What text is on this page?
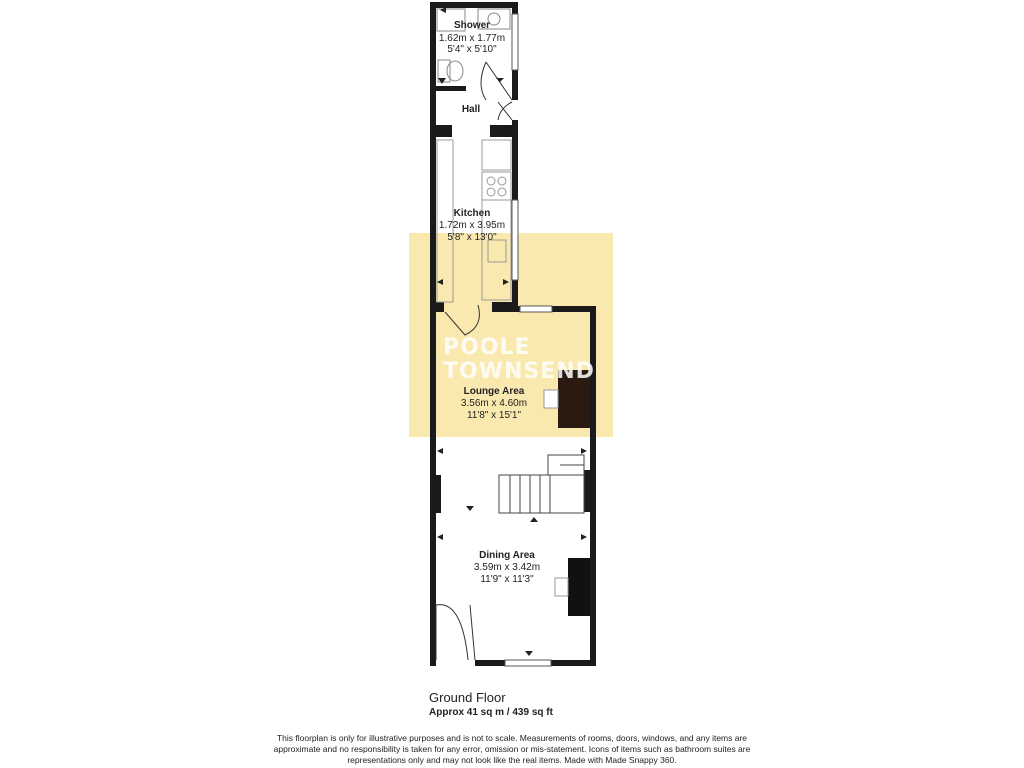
POOLE
TOWNSEND
Shower
1.62m x 1.77m
5'4" x 5'10"
Hall
Kitchen
1.72m x 3.95m
5'8" x 13'0"
Lounge Area
3.56m x 4.60m
11'8" x 15'1"
Dining Area
3.59m x 3.42m
11'9" x 11'3"
Ground Floor
Approx 41 sq m / 439 sq ft
This floorplan is only for illustrative purposes and is not to scale. Measurements of rooms, doors, windows, and any items are approximate and no responsibility is taken for any error, omission or mis-statement. Icons of items such as bathroom suites are representations only and may not look like the real items. Made with Made Snappy 360.
